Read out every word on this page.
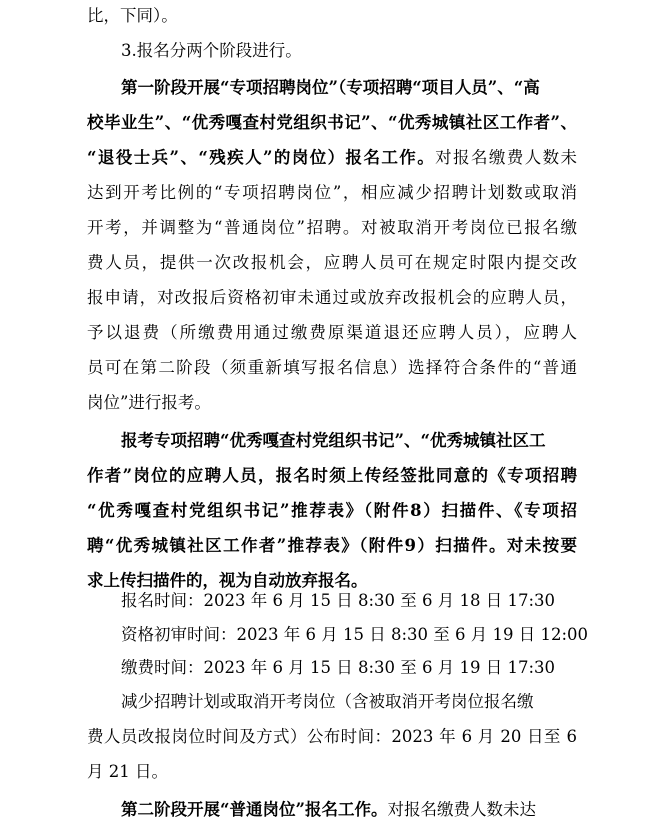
比，下同）。
3.报名分两个阶段进行。
第一阶段开展“专项招聘岗位”（专项招聘“项目人员”、“高
校毕业生”、“优秀嘎查村党组织书记”、“优秀城镇社区工作者”、
“退役士兵”、“残疾人”的岗位）报名工作。对报名缴费人数未
达到开考比例的“专项招聘岗位”，相应减少招聘计划数或取消
开考，并调整为“普通岗位”招聘。对被取消开考岗位已报名缴
费人员，提供一次改报机会，应聘人员可在规定时限内提交改
报申请，对改报后资格初审未通过或放弃改报机会的应聘人员，
予以退费（所缴费用通过缴费原渠道退还应聘人员），应聘人
员可在第二阶段（须重新填写报名信息）选择符合条件的“普通
岗位”进行报考。
报考专项招聘“优秀嘎查村党组织书记”、“优秀城镇社区工
作者”岗位的应聘人员，报名时须上传经签批同意的《专项招聘
“优秀嘎查村党组织书记”推荐表》（附件8）扫描件、《专项招
聘“优秀城镇社区工作者”推荐表》（附件9）扫描件。对未按要
求上传扫描件的，视为自动放弃报名。
报名时间：2023 年 6 月 15 日 8:30 至 6 月 18 日 17:30
资格初审时间：2023 年 6 月 15 日 8:30 至 6 月 19 日 12:00
缴费时间：2023 年 6 月 15 日 8:30 至 6 月 19 日 17:30
减少招聘计划或取消开考岗位（含被取消开考岗位报名缴
费人员改报岗位时间及方式）公布时间：2023 年 6 月 20 日至 6
月 21 日。
第二阶段开展“普通岗位”报名工作。对报名缴费人数未达
